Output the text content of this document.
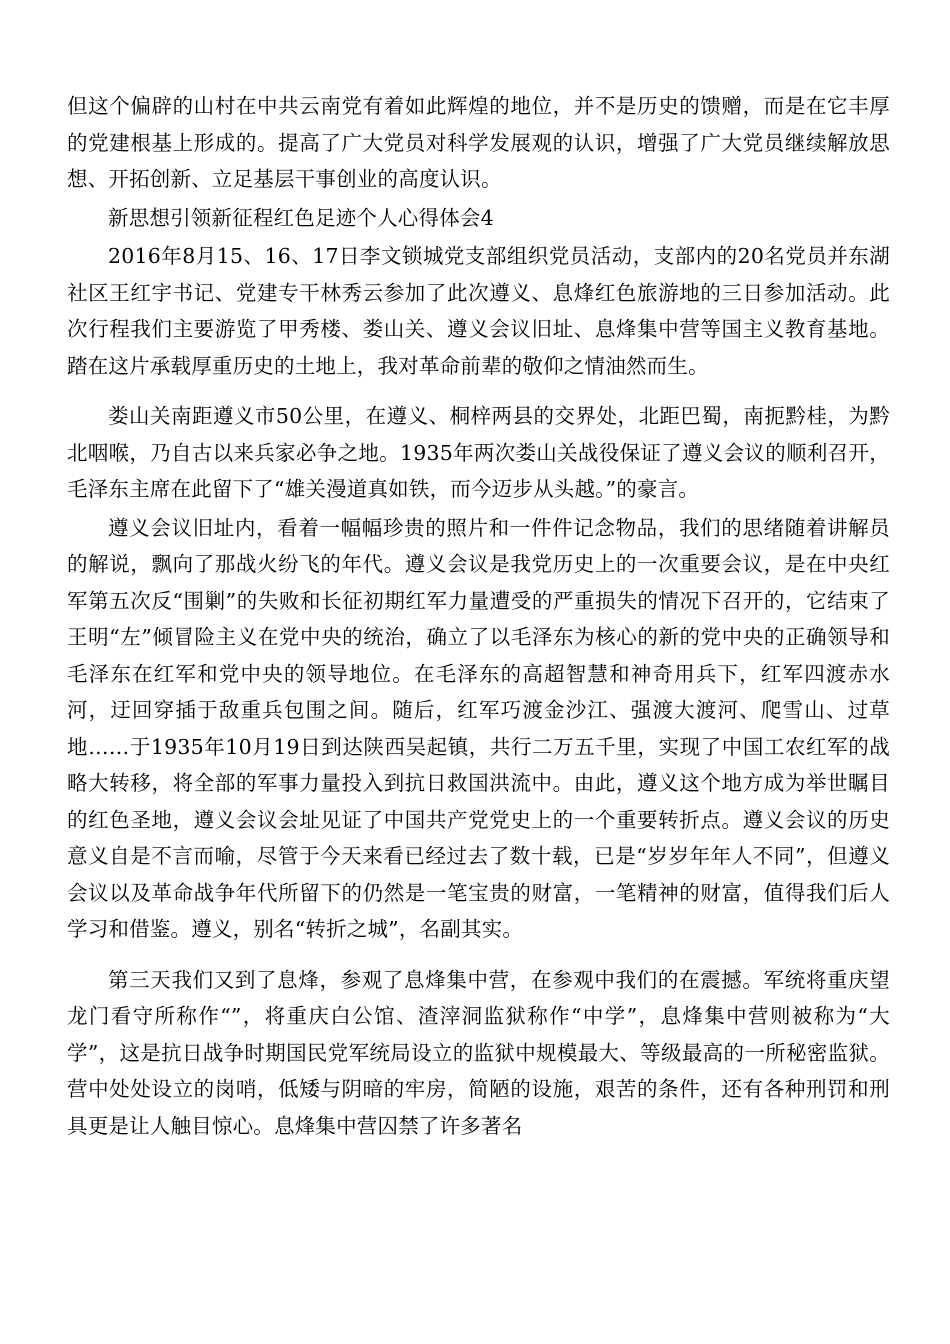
但这个偏辟的山村在中共云南党有着如此辉煌的地位，并不是历史的馈赠，而是在它丰厚的党建根基上形成的。提高了广大党员对科学发展观的认识，增强了广大党员继续解放思想、开拓创新、立足基层干事创业的高度认识。

新思想引领新征程红色足迹个人心得体会4

2016年8月15、16、17日李文锁城党支部组织党员活动，支部内的20名党员并东湖社区王红宇书记、党建专干林秀云参加了此次遵义、息烽红色旅游地的三日参加活动。此次行程我们主要游览了甲秀楼、娄山关、遵义会议旧址、息烽集中营等国主义教育基地。踏在这片承载厚重历史的土地上，我对革命前辈的敬仰之情油然而生。

娄山关南距遵义市50公里，在遵义、桐梓两县的交界处，北距巴蜀，南扼黔桂，为黔北咽喉，乃自古以来兵家必争之地。1935年两次娄山关战役保证了遵义会议的顺利召开，毛泽东主席在此留下了“雄关漫道真如铁，而今迈步从头越。”的豪言。

遵义会议旧址内，看着一幅幅珍贵的照片和一件件记念物品，我们的思绪随着讲解员的解说，飘向了那战火纷飞的年代。遵义会议是我党历史上的一次重要会议，是在中央红军第五次反“围剿”的失败和长征初期红军力量遭受的严重损失的情况下召开的，它结束了王明“左”倾冒险主义在党中央的统治，确立了以毛泽东为核心的新的党中央的正确领导和毛泽东在红军和党中央的领导地位。在毛泽东的高超智慧和神奇用兵下，红军四渡赤水河，迂回穿插于敌重兵包围之间。随后，红军巧渡金沙江、强渡大渡河、爬雪山、过草地……于1935年10月19日到达陕西吴起镇，共行二万五千里，实现了中国工农红军的战略大转移，将全部的军事力量投入到抗日救国洪流中。由此，遵义这个地方成为举世瞩目的红色圣地，遵义会议会址见证了中国共产党党史上的一个重要转折点。遵义会议的历史意义自是不言而喻，尽管于今天来看已经过去了数十载，已是“岁岁年年人不同”，但遵义会议以及革命战争年代所留下的仍然是一笔宝贵的财富，一笔精神的财富，值得我们后人学习和借鉴。遵义，别名“转折之城”，名副其实。

第三天我们又到了息烽，参观了息烽集中营，在参观中我们的在震撼。军统将重庆望龙门看守所称作“”，将重庆白公馆、渣滓洞监狱称作“中学”，息烽集中营则被称为“大学”，这是抗日战争时期国民党军统局设立的监狱中规模最大、等级最高的一所秘密监狱。营中处处设立的岗哨，低矮与阴暗的牢房，简陋的设施，艰苦的条件，还有各种刑罚和刑具更是让人触目惊心。息烽集中营囚禁了许多著名
